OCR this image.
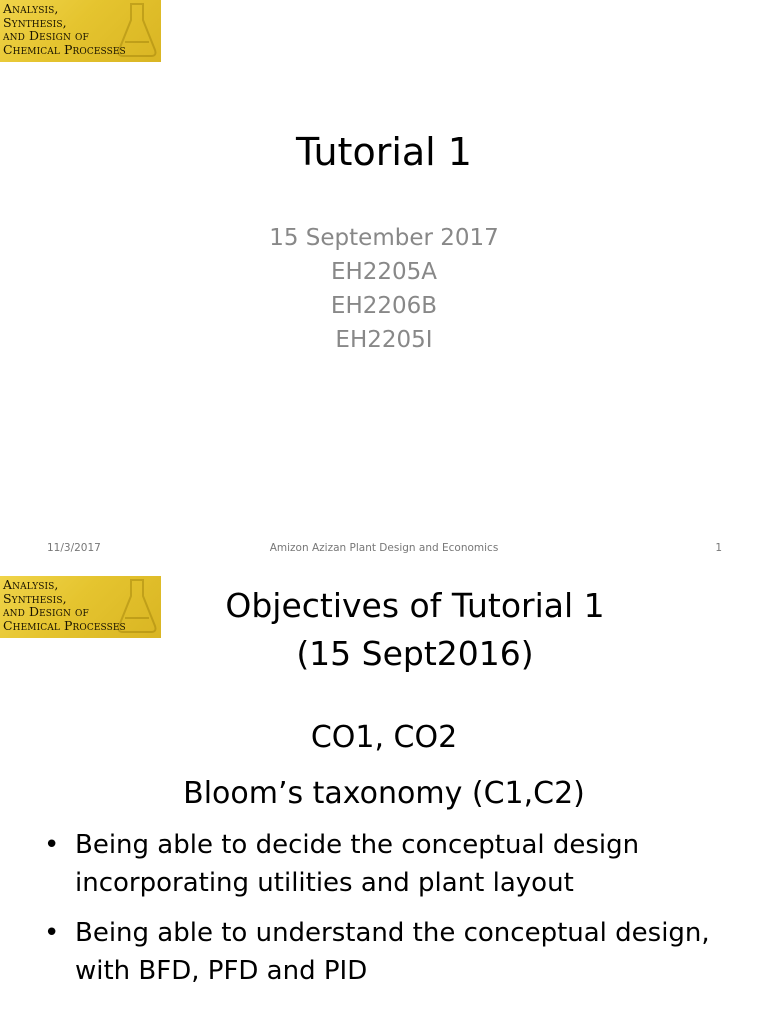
Analysis,
Synthesis,
and Design of
Chemical Processes
Tutorial 1
15 September 2017
EH2205A
EH2206B
EH2205I
11/3/2017	Amizon Azizan Plant Design and Economics	1
Analysis,
Synthesis,
and Design of
Chemical Processes	Objectives of Tutorial 1
(15 Sept2016)
CO1, CO2
Bloom’s taxonomy (C1,C2)
• Being able to decide the conceptual design
incorporating utilities and plant layout
• Being able to understand the conceptual design,
with BFD, PFD and PID
